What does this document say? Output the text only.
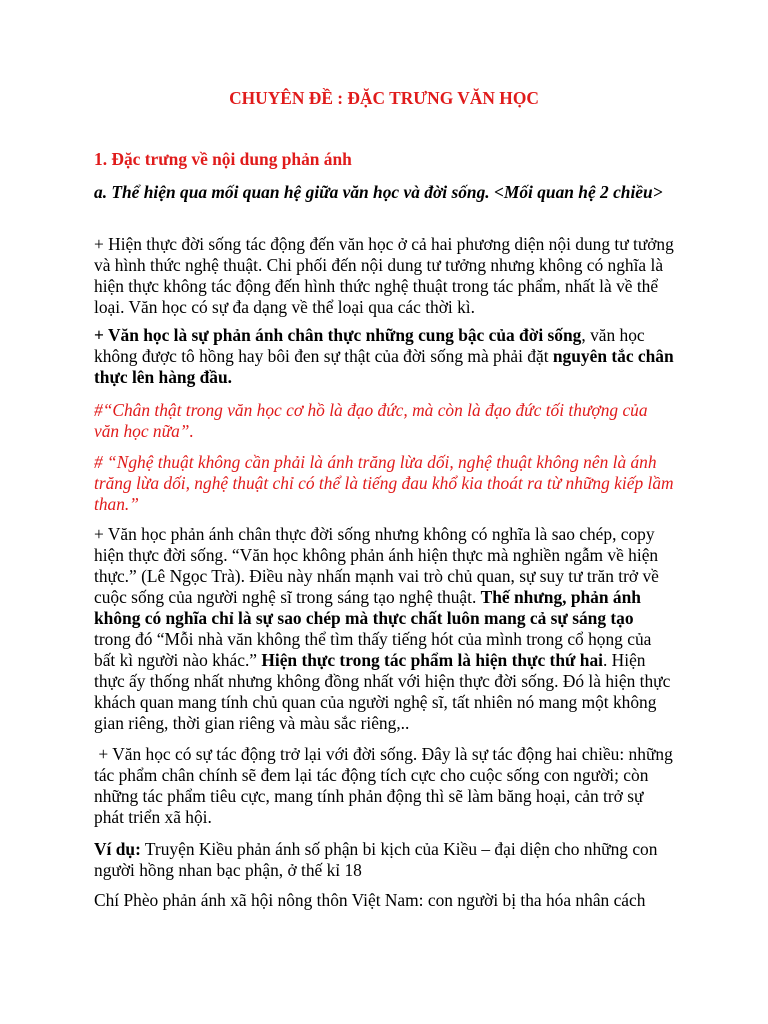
CHUYÊN ĐỀ : ĐẶC TRƯNG VĂN HỌC

1. Đặc trưng về nội dung phản ánh

a. Thể hiện qua mối quan hệ giữa văn học và đời sống. <Mối quan hệ 2 chiều>

+ Hiện thực đời sống tác động đến văn học ở cả hai phương diện nội dung tư tưởng và hình thức nghệ thuật. Chi phối đến nội dung tư tưởng nhưng không có nghĩa là hiện thực không tác động đến hình thức nghệ thuật trong tác phẩm, nhất là về thể loại. Văn học có sự đa dạng về thể loại qua các thời kì.

+ Văn học là sự phản ánh chân thực những cung bậc của đời sống, văn học không được tô hồng hay bôi đen sự thật của đời sống mà phải đặt nguyên tắc chân thực lên hàng đầu.

#“Chân thật trong văn học cơ hồ là đạo đức, mà còn là đạo đức tối thượng của văn học nữa”.

# “Nghệ thuật không cần phải là ánh trăng lừa dối, nghệ thuật không nên là ánh trăng lừa dối, nghệ thuật chỉ có thể là tiếng đau khổ kia thoát ra từ những kiếp lầm than.”

+ Văn học phản ánh chân thực đời sống nhưng không có nghĩa là sao chép, copy hiện thực đời sống. “Văn học không phản ánh hiện thực mà nghiền ngẫm về hiện thực.” (Lê Ngọc Trà). Điều này nhấn mạnh vai trò chủ quan, sự suy tư trăn trở về cuộc sống của người nghệ sĩ trong sáng tạo nghệ thuật. Thế nhưng, phản ánh không có nghĩa chỉ là sự sao chép mà thực chất luôn mang cả sự sáng tạo trong đó “Mỗi nhà văn không thể tìm thấy tiếng hót của mình trong cổ họng của bất kì người nào khác.” Hiện thực trong tác phẩm là hiện thực thứ hai. Hiện thực ấy thống nhất nhưng không đồng nhất với hiện thực đời sống. Đó là hiện thực khách quan mang tính chủ quan của người nghệ sĩ, tất nhiên nó mang một không gian riêng, thời gian riêng và màu sắc riêng,..

+ Văn học có sự tác động trở lại với đời sống. Đây là sự tác động hai chiều: những tác phẩm chân chính sẽ đem lại tác động tích cực cho cuộc sống con người; còn những tác phẩm tiêu cực, mang tính phản động thì sẽ làm băng hoại, cản trở sự phát triển xã hội.

Ví dụ: Truyện Kiều phản ánh số phận bi kịch của Kiều – đại diện cho những con người hồng nhan bạc phận, ở thế kỉ 18

Chí Phèo phản ánh xã hội nông thôn Việt Nam: con người bị tha hóa nhân cách
